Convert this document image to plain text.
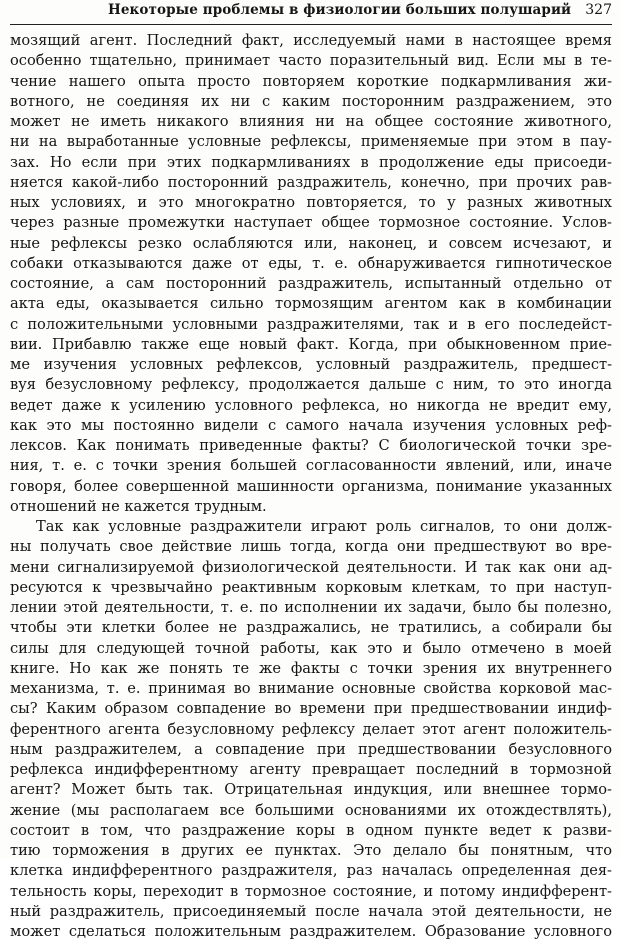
Некоторые проблемы в физиологии больших полушарий 327
мозящий агент. Последний факт, исследуемый нами в настоящее время
особенно тщательно, принимает часто поразительный вид. Если мы в те-
чение нашего опыта просто повторяем короткие подкармливания жи-
вотного, не соединяя их ни с каким посторонним раздражением, это
может не иметь никакого влияния ни на общее состояние животного,
ни на выработанные условные рефлексы, применяемые при этом в пау-
зах. Но если при этих подкармливаниях в продолжение еды присоеди-
няется какой-либо посторонний раздражитель, конечно, при прочих рав-
ных условиях, и это многократно повторяется, то у разных животных
через разные промежутки наступает общее тормозное состояние. Услов-
ные рефлексы резко ослабляются или, наконец, и совсем исчезают, и
собаки отказываются даже от еды, т. е. обнаруживается гипнотическое
состояние, а сам посторонний раздражитель, испытанный отдельно от
акта еды, оказывается сильно тормозящим агентом как в комбинации
с положительными условными раздражителями, так и в его последейст-
вии. Прибавлю также еще новый факт. Когда, при обыкновенном прие-
ме изучения условных рефлексов, условный раздражитель, предшест-
вуя безусловному рефлексу, продолжается дальше с ним, то это иногда
ведет даже к усилению условного рефлекса, но никогда не вредит ему,
как это мы постоянно видели с самого начала изучения условных реф-
лексов. Как понимать приведенные факты? С биологической точки зре-
ния, т. е. с точки зрения большей согласованности явлений, или, иначе
говоря, более совершенной машинности организма, понимание указанных
отношений не кажется трудным.
Так как условные раздражители играют роль сигналов, то они долж-
ны получать свое действие лишь тогда, когда они предшествуют во вре-
мени сигнализируемой физиологической деятельности. И так как они ад-
ресуются к чрезвычайно реактивным корковым клеткам, то при наступ-
лении этой деятельности, т. е. по исполнении их задачи, было бы полезно,
чтобы эти клетки более не раздражались, не тратились, а собирали бы
силы для следующей точной работы, как это и было отмечено в моей
книге. Но как же понять те же факты с точки зрения их внутреннего
механизма, т. е. принимая во внимание основные свойства корковой мас-
сы? Каким образом совпадение во времени при предшествовании индиф-
ферентного агента безусловному рефлексу делает этот агент положитель-
ным раздражителем, а совпадение при предшествовании безусловного
рефлекса индифферентному агенту превращает последний в тормозной
агент? Может быть так. Отрицательная индукция, или внешнее тормо-
жение (мы располагаем все большими основаниями их отождествлять),
состоит в том, что раздражение коры в одном пункте ведет к разви-
тию торможения в других ее пунктах. Это делало бы понятным, что
клетка индифферентного раздражителя, раз началась определенная дея-
тельность коры, переходит в тормозное состояние, и потому индифферент-
ный раздражитель, присоединяемый после начала этой деятельности, не
может сделаться положительным раздражителем. Образование условного
